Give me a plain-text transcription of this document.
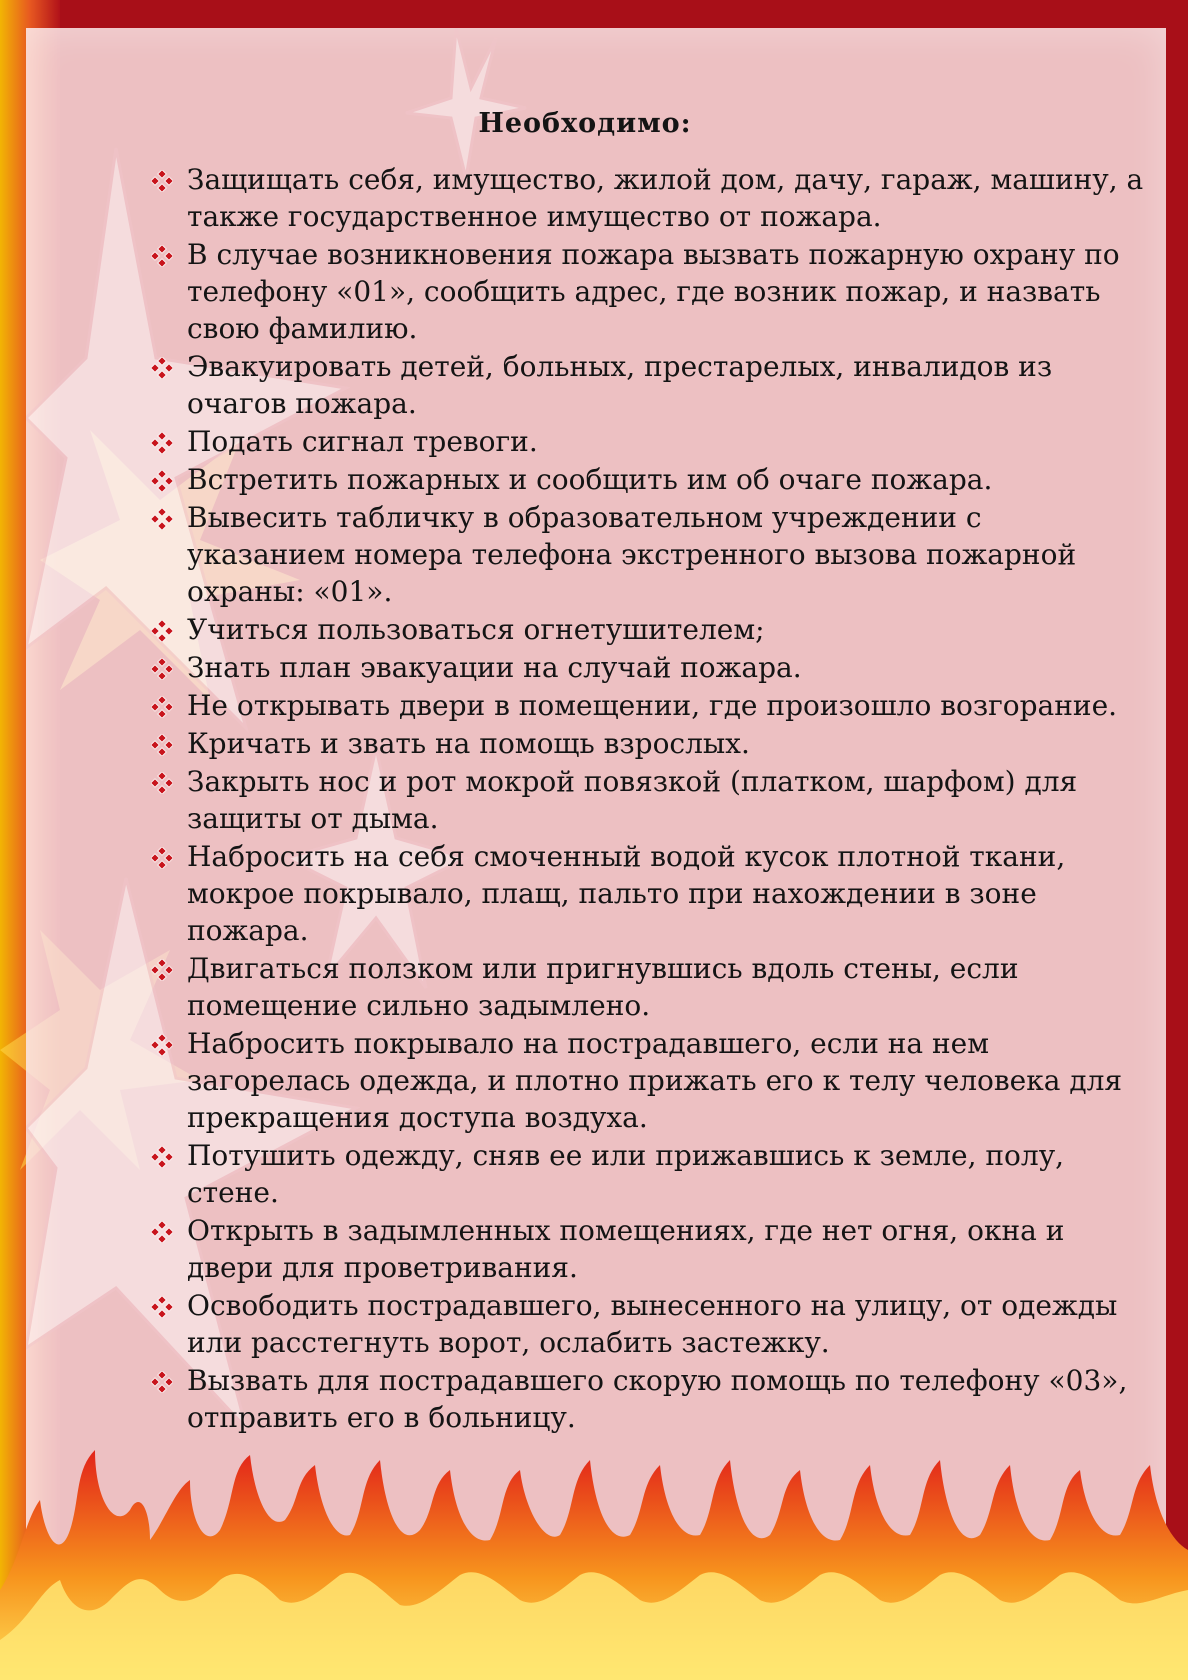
Необходимо:
Защищать себя, имущество, жилой дом, дачу, гараж, машину, а также государственное имущество от пожара.
В случае возникновения пожара вызвать пожарную охрану по телефону «01», сообщить адрес, где возник пожар, и назвать свою фамилию.
Эвакуировать детей, больных, престарелых, инвалидов из очагов пожара.
Подать сигнал тревоги.
Встретить пожарных и сообщить им об очаге пожара.
Вывесить табличку в образовательном учреждении с указанием номера телефона экстренного вызова пожарной охраны: «01».
Учиться пользоваться огнетушителем;
Знать план эвакуации на случай пожара.
Не открывать двери в помещении, где произошло возгорание.
Кричать и звать на помощь взрослых.
Закрыть нос и рот мокрой повязкой (платком, шарфом) для защиты от дыма.
Набросить на себя смоченный водой кусок плотной ткани, мокрое покрывало, плащ, пальто при нахождении в зоне пожара.
Двигаться ползком или пригнувшись вдоль стены, если помещение сильно задымлено.
Набросить покрывало на пострадавшего, если на нем загорелась одежда, и плотно прижать его к телу человека для прекращения доступа воздуха.
Потушить одежду, сняв ее или прижавшись к земле, полу, стене.
Открыть в задымленных помещениях, где нет огня, окна и двери для проветривания.
Освободить пострадавшего, вынесенного на улицу, от одежды или расстегнуть ворот, ослабить застежку.
Вызвать для пострадавшего скорую помощь по телефону «03», отправить его в больницу.
